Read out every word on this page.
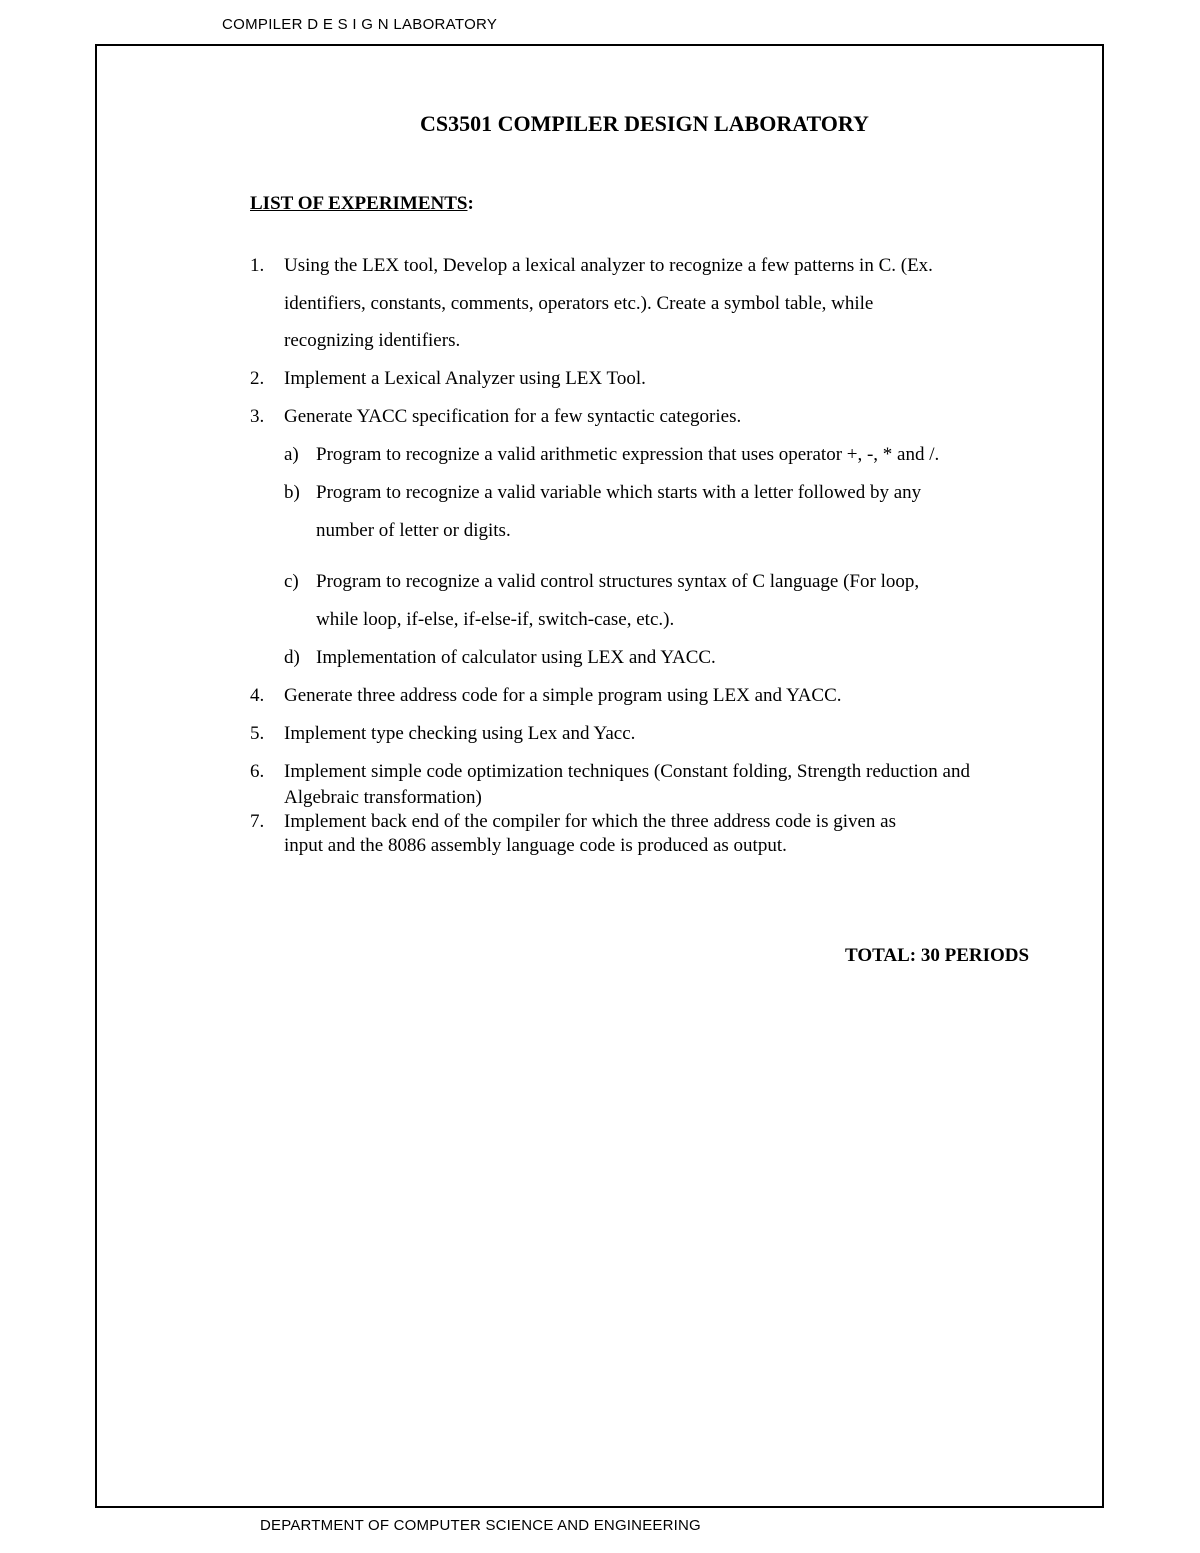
COMPILER D E S I G N LABORATORY
CS3501 COMPILER DESIGN LABORATORY
LIST OF EXPERIMENTS:
1.	Using the LEX tool, Develop a lexical analyzer to recognize a few patterns in C. (Ex.
identifiers, constants, comments, operators etc.). Create a symbol table, while
recognizing identifiers.
2.	Implement a Lexical Analyzer using LEX Tool.
3.	Generate YACC specification for a few syntactic categories.
a) Program to recognize a valid arithmetic expression that uses operator +, -, * and /.
b) Program to recognize a valid variable which starts with a letter followed by any
number of letter or digits.
c) Program to recognize a valid control structures syntax of C language (For loop,
while loop, if-else, if-else-if, switch-case, etc.).
d) Implementation of calculator using LEX and YACC.
4.	Generate three address code for a simple program using LEX and YACC.
5.	Implement type checking using Lex and Yacc.
6.	Implement simple code optimization techniques (Constant folding, Strength reduction and
Algebraic transformation)
7.	Implement back end of the compiler for which the three address code is given as
input and the 8086 assembly language code is produced as output.
TOTAL: 30 PERIODS
DEPARTMENT OF COMPUTER SCIENCE AND ENGINEERING
